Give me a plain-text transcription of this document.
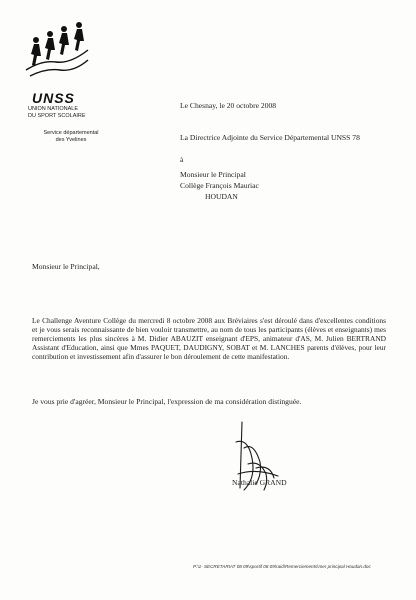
UNSS
UNION NATIONALE
DU SPORT SCOLAIRE
Service départemental
des Yvelines
Le Chesnay, le 20 octobre 2008
La Directrice Adjointe du Service Départemental UNSS 78
à
Monsieur le Principal
Collège François Mauriac
HOUDAN
Monsieur le Principal,
Le Challenge Aventure Collège du mercredi 8 octobre 2008 aux Bréviaires s'est déroulé dans d'excellentes conditions et je vous serais reconnaissante de bien vouloir transmettre, au nom de tous les participants (élèves et enseignants) mes remerciements les plus sincères à M. Didier ABAUZIT enseignant d'EPS, animateur d'AS, M. Julien BERTRAND Assistant d'Education, ainsi que Mmes PAQUET, DAUDIGNY, SOBAT et M. LANCHES parents d'élèves, pour leur contribution et investissement afin d'assurer le bon déroulement de cette manifestation.
Je vous prie d'agréer, Monsieur le Principal, l'expression de ma considération distinguée.
Nathalie GRAND
P:\1- SECRETARIAT 08 09\sportif 08 09\raid\Remerciements\mer principal Houdan.doc
